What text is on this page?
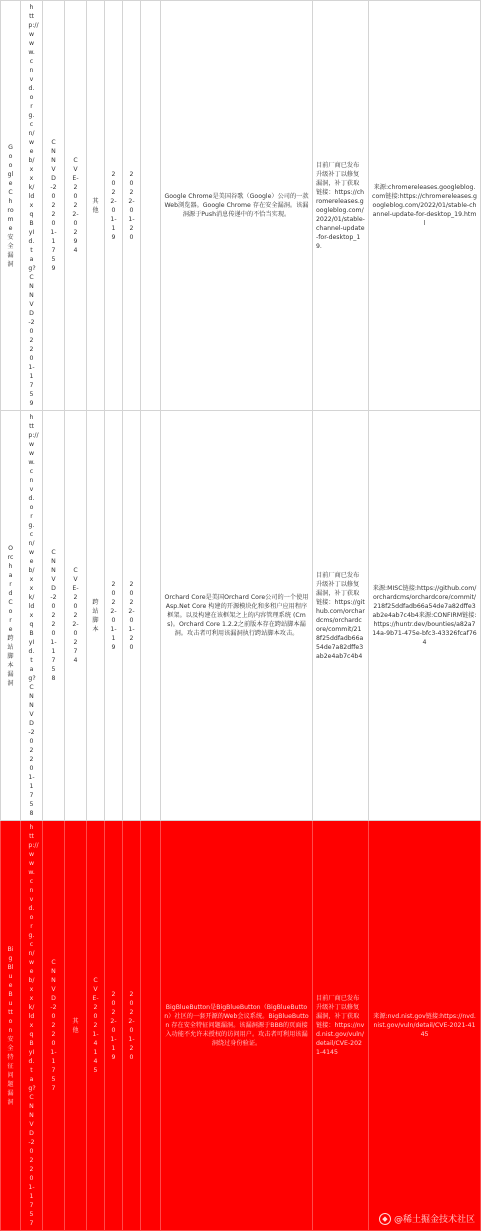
Google Chrome 安全漏洞	http://www.cnvd.org.cn/web/xxk/ldxqById.tag?CNNVD-202201-1759	CNNVD-202201-1759	CVE-2022-0294	其他	2022-01-19	2022-01-20		Google Chrome是美国谷歌（Google）公司的一款Web浏览器。Google Chrome 存在安全漏洞。该漏洞源于Push消息传递中的不恰当实现。	目前厂商已发布升级补丁以修复漏洞，补丁获取链接：https://chromereleases.googleblog.com/2022/01/stable-channel-update-for-desktop_19.	来源:chromereleases.googleblog.com链接:https://chromereleases.googleblog.com/2022/01/stable-channel-update-for-desktop_19.html

Orchard Core 跨站脚本漏洞	http://www.cnvd.org.cn/web/xxk/ldxqById.tag?CNNVD-202201-1758	CNNVD-202201-1758	CVE-2022-0274	跨站脚本	2022-01-19	2022-01-20		Orchard Core是美国Orchard Core公司的一个使用 Asp.Net Core 构建的开源模块化和多租户应用程序框架。以及构建在该框架之上的内容管理系统 (Cms)。Orchard Core 1.2.2之前版本存在跨站脚本漏洞。攻击者可利用该漏洞执行跨站脚本攻击。	目前厂商已发布升级补丁以修复漏洞，补丁获取链接：https://github.com/orchardcms/orchardcore/commit/218f25ddfadb66a54de7a82dffe3ab2e4ab7c4b4	来源:MISC链接:https://github.com/orchardcms/orchardcore/commit/218f25ddfadb66a54de7a82dffe3ab2e4ab7c4b4来源:CONFIRM链接:https://huntr.dev/bounties/a82a714a-9b71-475e-bfc3-43326fcaf764

BigBlueButton 安全特征问题漏洞	http://www.cnvd.org.cn/web/xxk/ldxqById.tag?CNNVD-202201-1757	CNNVD-202201-1757	其他	CVE-2021-4145	2022-01-19	2022-01-20		BigBlueButton是BigBlueButton（BigBlueButton）社区的一套开源的Web会议系统。BigBlueButton 存在安全特征问题漏洞。该漏洞源于BBB的页面接入功能不允许未授权的访问用户。攻击者可利用该漏洞绕过身份验证。	目前厂商已发布升级补丁以修复漏洞，补丁获取链接：https://nvd.nist.gov/vuln/detail/CVE-2021-4145	来源:nvd.nist.gov链接:https://nvd.nist.gov/vuln/detail/CVE-2021-4145
◆ @稀土掘金技术社区
